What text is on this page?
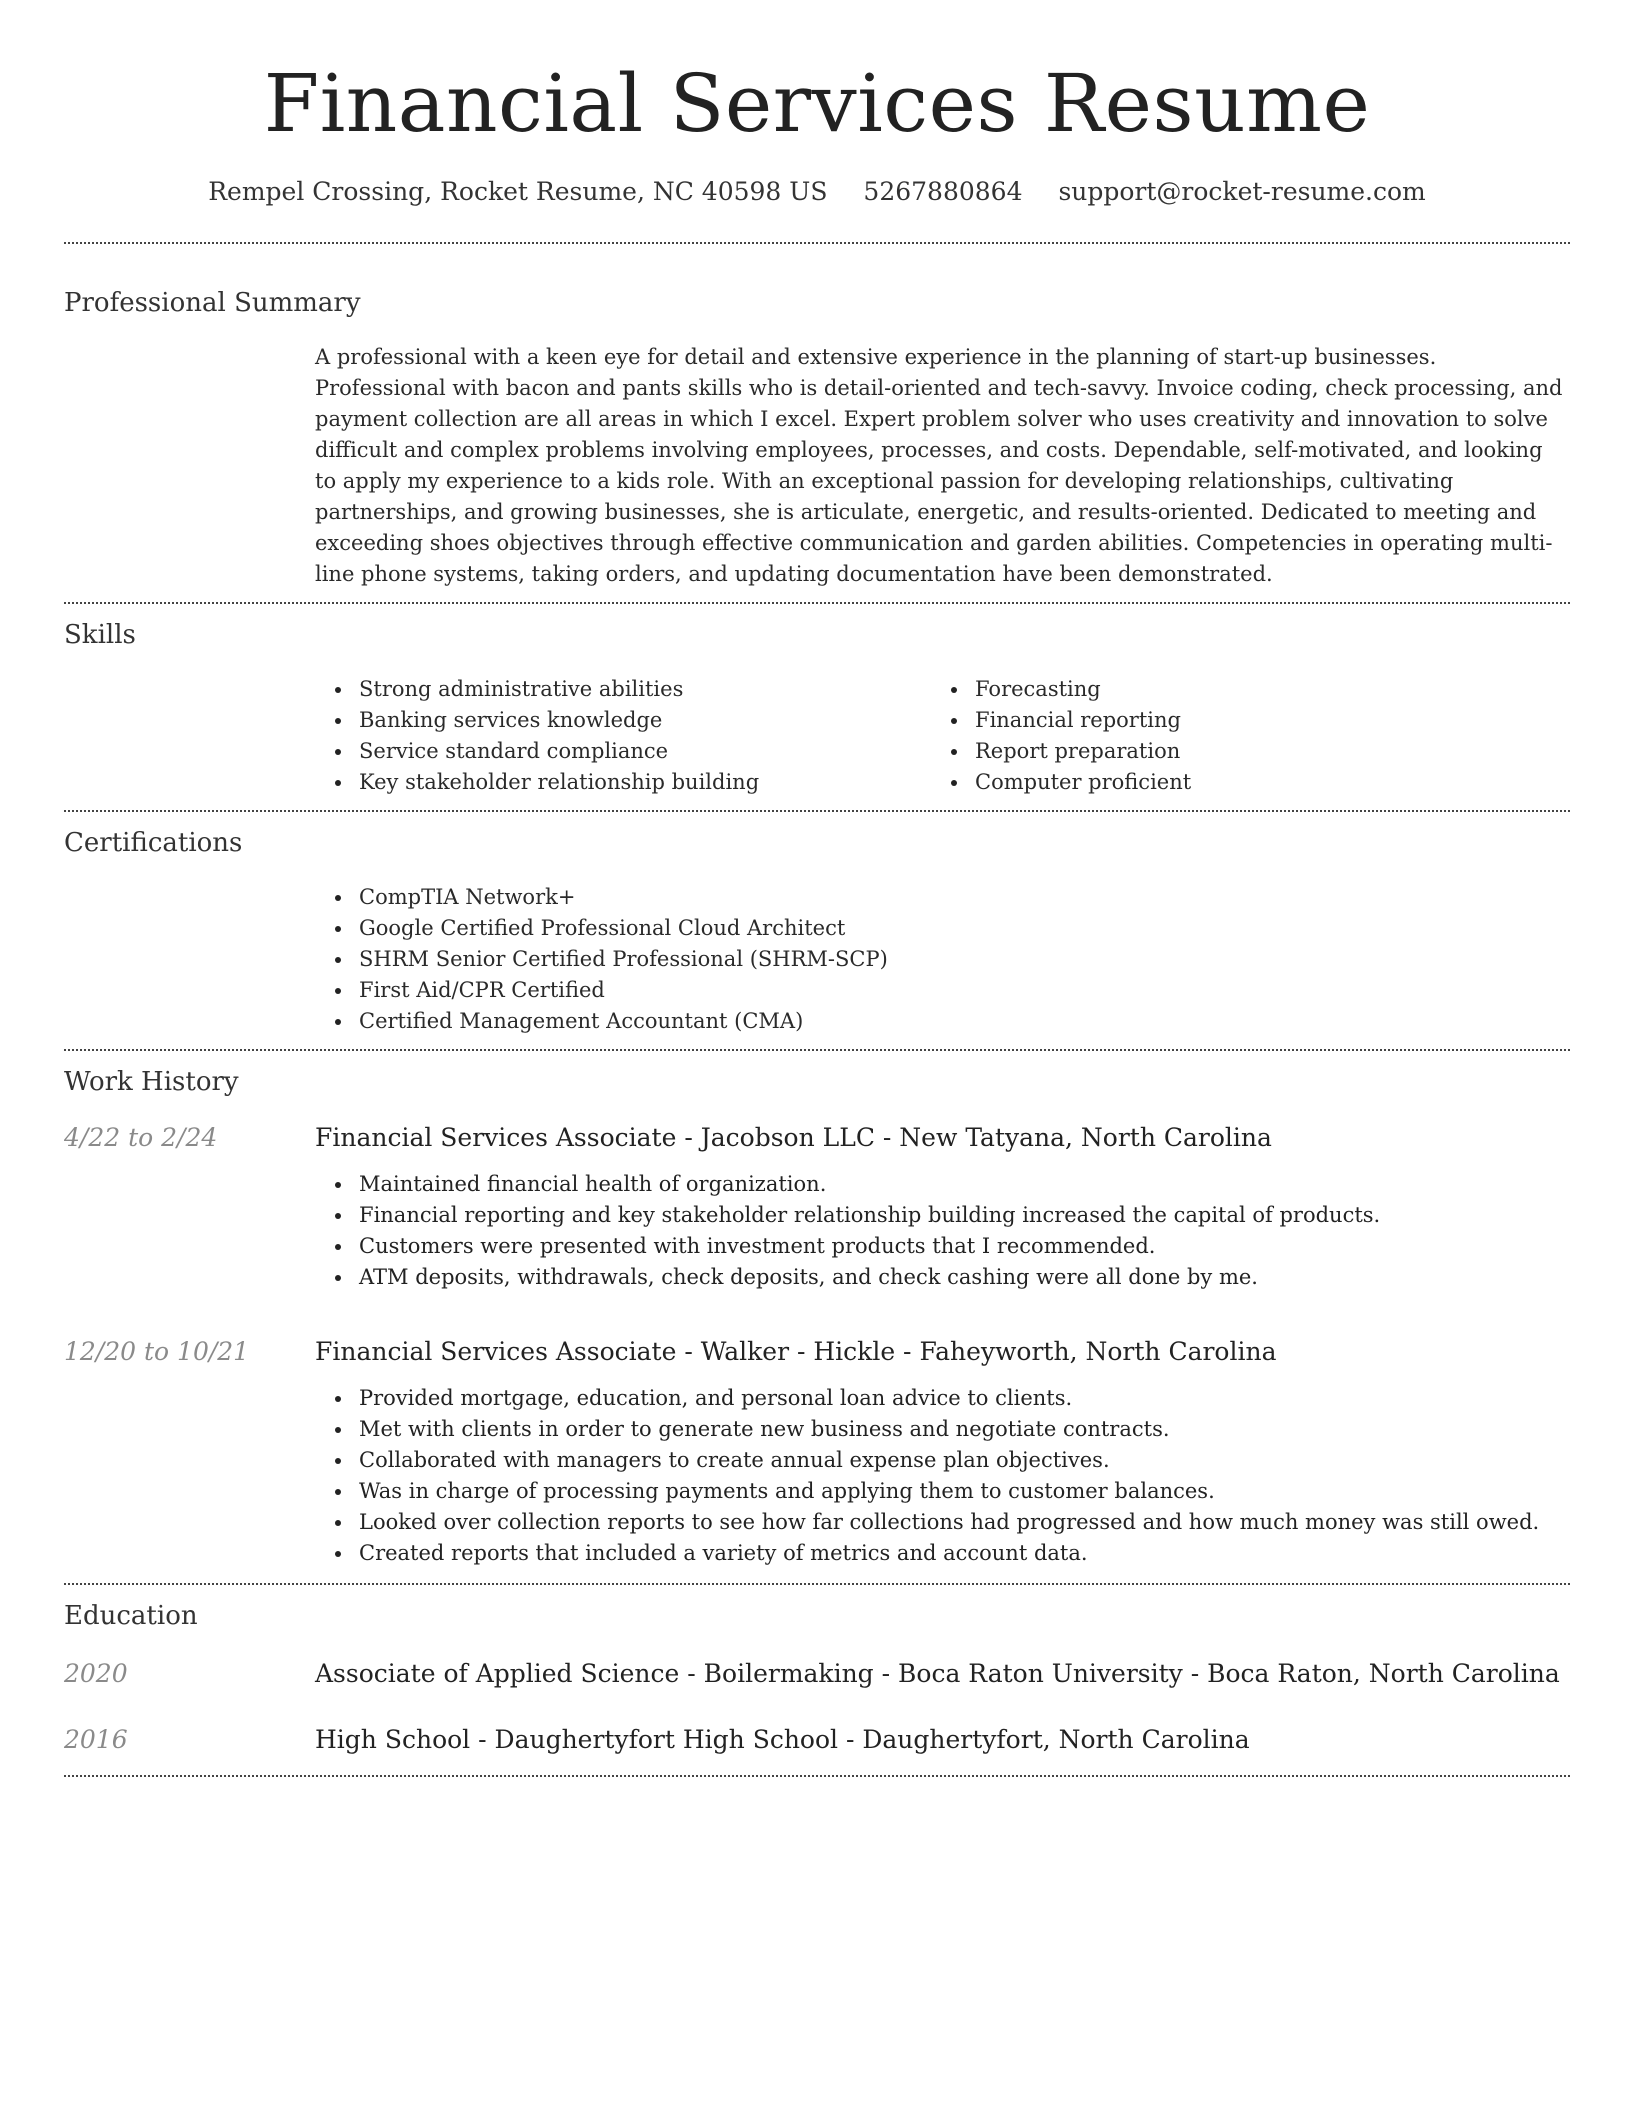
Financial Services Resume
Rempel Crossing, Rocket Resume, NC 40598 US 5267880864 support@rocket-resume.com
Professional Summary
A professional with a keen eye for detail and extensive experience in the planning of start-up businesses. Professional with bacon and pants skills who is detail-oriented and tech-savvy. Invoice coding, check processing, and payment collection are all areas in which I excel. Expert problem solver who uses creativity and innovation to solve difficult and complex problems involving employees, processes, and costs. Dependable, self-motivated, and looking to apply my experience to a kids role. With an exceptional passion for developing relationships, cultivating partnerships, and growing businesses, she is articulate, energetic, and results-oriented. Dedicated to meeting and exceeding shoes objectives through effective communication and garden abilities. Competencies in operating multi-line phone systems, taking orders, and updating documentation have been demonstrated.
Skills
Strong administrative abilities
Banking services knowledge
Service standard compliance
Key stakeholder relationship building
Forecasting
Financial reporting
Report preparation
Computer proficient
Certifications
CompTIA Network+
Google Certified Professional Cloud Architect
SHRM Senior Certified Professional (SHRM-SCP)
First Aid/CPR Certified
Certified Management Accountant (CMA)
Work History
4/22 to 2/24	Financial Services Associate - Jacobson LLC - New Tatyana, North Carolina
Maintained financial health of organization.
Financial reporting and key stakeholder relationship building increased the capital of products.
Customers were presented with investment products that I recommended.
ATM deposits, withdrawals, check deposits, and check cashing were all done by me.
12/20 to 10/21	Financial Services Associate - Walker - Hickle - Faheyworth, North Carolina
Provided mortgage, education, and personal loan advice to clients.
Met with clients in order to generate new business and negotiate contracts.
Collaborated with managers to create annual expense plan objectives.
Was in charge of processing payments and applying them to customer balances.
Looked over collection reports to see how far collections had progressed and how much money was still owed.
Created reports that included a variety of metrics and account data.
Education
2020	Associate of Applied Science - Boilermaking - Boca Raton University - Boca Raton, North Carolina
2016	High School - Daughertyfort High School - Daughertyfort, North Carolina
